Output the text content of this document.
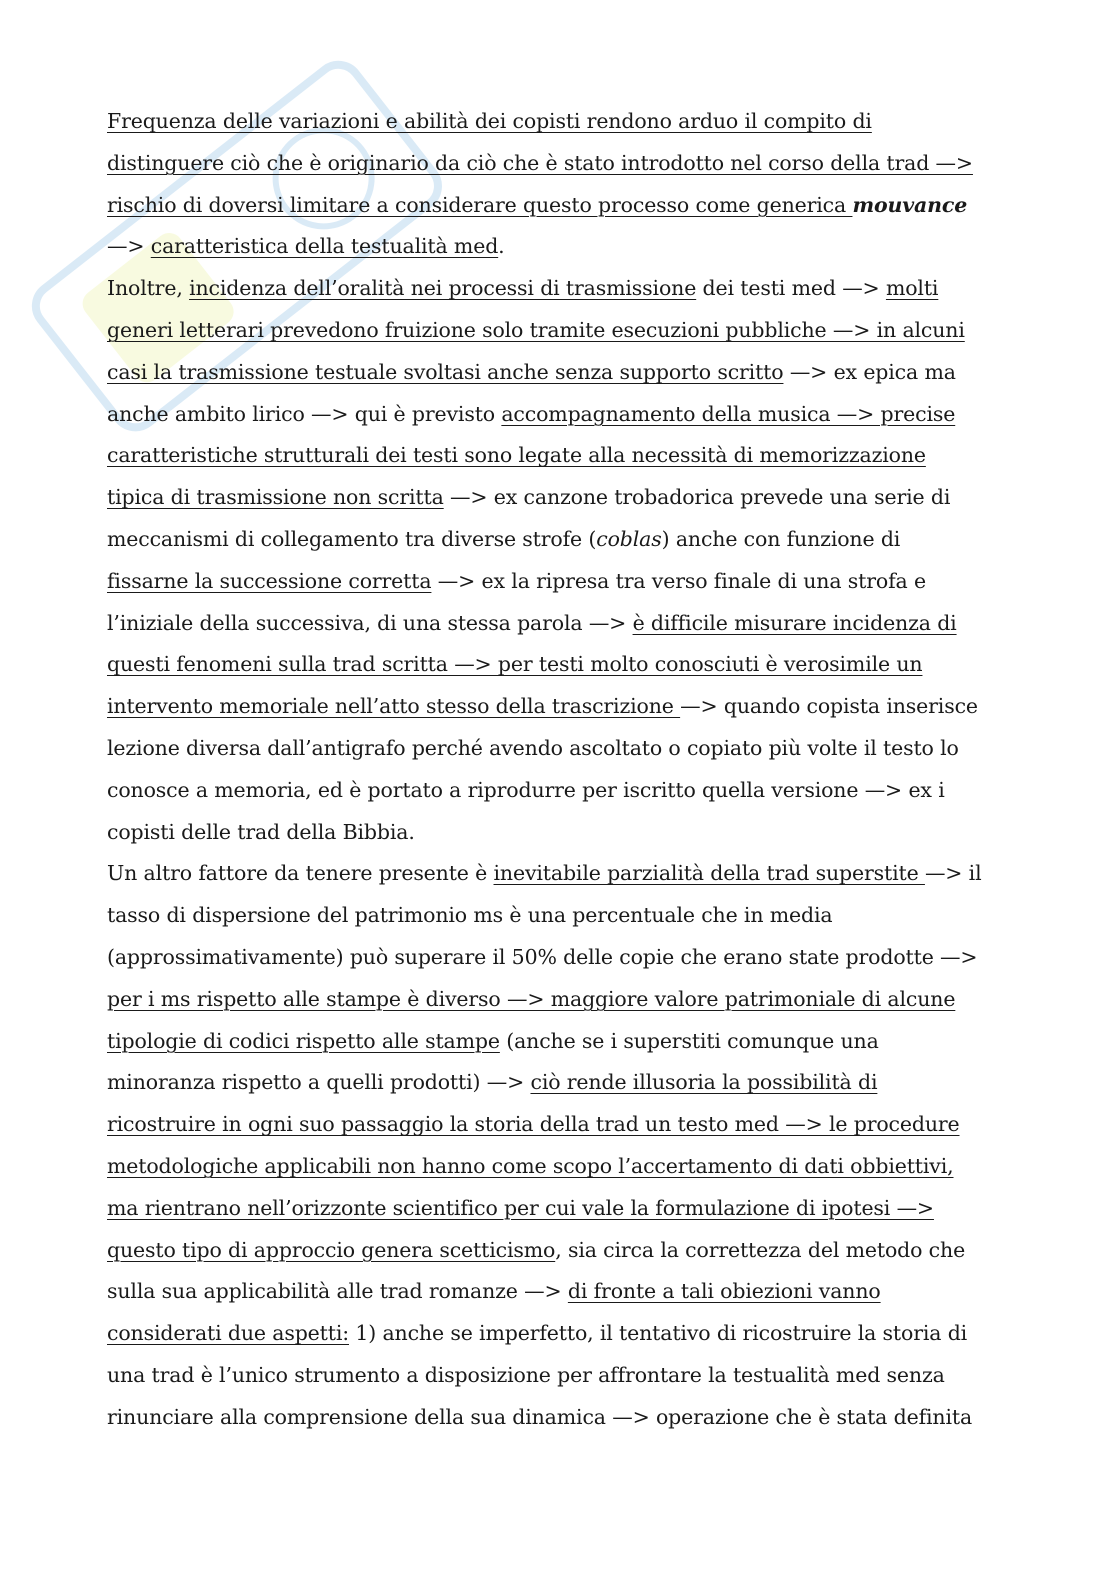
Frequenza delle variazioni e abilità dei copisti rendono arduo il compito di
distinguere ciò che è originario da ciò che è stato introdotto nel corso della trad —>
rischio di doversi limitare a considerare questo processo come generica mouvance
—> caratteristica della testualità med.
Inoltre, incidenza dell’oralità nei processi di trasmissione dei testi med —> molti
generi letterari prevedono fruizione solo tramite esecuzioni pubbliche —> in alcuni
casi la trasmissione testuale svoltasi anche senza supporto scritto —> ex epica ma
anche ambito lirico —> qui è previsto accompagnamento della musica —> precise
caratteristiche strutturali dei testi sono legate alla necessità di memorizzazione
tipica di trasmissione non scritta —> ex canzone trobadorica prevede una serie di
meccanismi di collegamento tra diverse strofe (coblas) anche con funzione di
fissarne la successione corretta —> ex la ripresa tra verso finale di una strofa e
l’iniziale della successiva, di una stessa parola —> è difficile misurare incidenza di
questi fenomeni sulla trad scritta —> per testi molto conosciuti è verosimile un
intervento memoriale nell’atto stesso della trascrizione —> quando copista inserisce
lezione diversa dall’antigrafo perché avendo ascoltato o copiato più volte il testo lo
conosce a memoria, ed è portato a riprodurre per iscritto quella versione —> ex i
copisti delle trad della Bibbia.
Un altro fattore da tenere presente è inevitabile parzialità della trad superstite —> il
tasso di dispersione del patrimonio ms è una percentuale che in media
(approssimativamente) può superare il 50% delle copie che erano state prodotte —>
per i ms rispetto alle stampe è diverso —> maggiore valore patrimoniale di alcune
tipologie di codici rispetto alle stampe (anche se i superstiti comunque una
minoranza rispetto a quelli prodotti) —> ciò rende illusoria la possibilità di
ricostruire in ogni suo passaggio la storia della trad un testo med —> le procedure
metodologiche applicabili non hanno come scopo l’accertamento di dati obbiettivi,
ma rientrano nell’orizzonte scientifico per cui vale la formulazione di ipotesi —>
questo tipo di approccio genera scetticismo, sia circa la correttezza del metodo che
sulla sua applicabilità alle trad romanze —> di fronte a tali obiezioni vanno
considerati due aspetti: 1) anche se imperfetto, il tentativo di ricostruire la storia di
una trad è l’unico strumento a disposizione per affrontare la testualità med senza
rinunciare alla comprensione della sua dinamica —> operazione che è stata definita
